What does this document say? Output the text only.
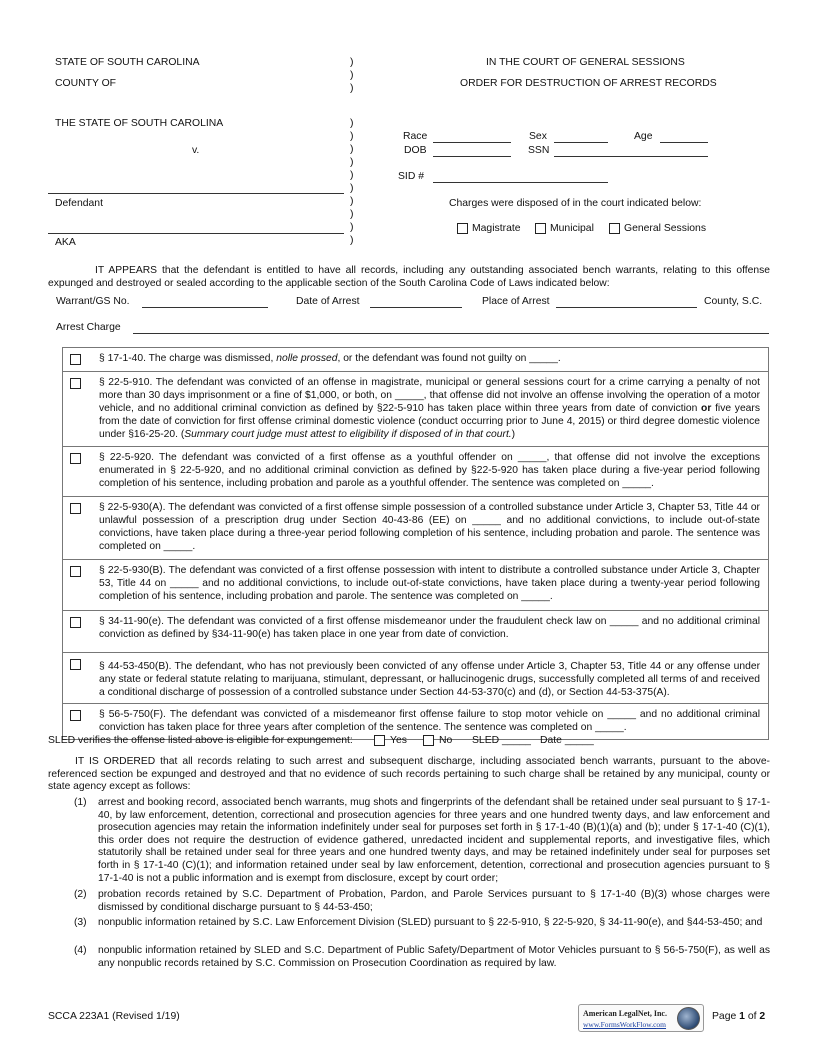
STATE OF SOUTH CAROLINA
COUNTY OF
IN THE COURT OF GENERAL SESSIONS
ORDER FOR DESTRUCTION OF ARREST RECORDS
)
)
)
)
)
)
)
)
)
)
)
)
)
THE STATE OF SOUTH CAROLINA
v.
Defendant
AKA
Race	Sex	Age
DOB	SSN
SID #
Charges were disposed of in the court indicated below:
Magistrate	Municipal	General Sessions
IT APPEARS that the defendant is entitled to have all records, including any outstanding associated bench warrants, relating to this offense expunged and destroyed or sealed according to the applicable section of the South Carolina Code of Laws indicated below:
Warrant/GS No.	Date of Arrest	Place of Arrest	County, S.C.
Arrest Charge
§ 17-1-40. The charge was dismissed, nolle prossed, or the defendant was found not guilty on _____.
§ 22-5-910. The defendant was convicted of an offense in magistrate, municipal or general sessions court for a crime carrying a penalty of not more than 30 days imprisonment or a fine of $1,000, or both, on _____, that offense did not involve an offense involving the operation of a motor vehicle, and no additional criminal conviction as defined by §22-5-910 has taken place within three years from date of conviction or five years from the date of conviction for first offense criminal domestic violence (conduct occurring prior to June 4, 2015) or third degree domestic violence under §16-25-20. (Summary court judge must attest to eligibility if disposed of in that court.)
§ 22-5-920. The defendant was convicted of a first offense as a youthful offender on _____, that offense did not involve the exceptions enumerated in § 22-5-920, and no additional criminal conviction as defined by §22-5-920 has taken place during a five-year period following completion of his sentence, including probation and parole as a youthful offender. The sentence was completed on _____.
§ 22-5-930(A). The defendant was convicted of a first offense simple possession of a controlled substance under Article 3, Chapter 53, Title 44 or unlawful possession of a prescription drug under Section 40-43-86 (EE) on _____ and no additional convictions, to include out-of-state convictions, have taken place during a three-year period following completion of his sentence, including probation and parole. The sentence was completed on _____.
§ 22-5-930(B). The defendant was convicted of a first offense possession with intent to distribute a controlled substance under Article 3, Chapter 53, Title 44 on _____ and no additional convictions, to include out-of-state convictions, have taken place during a twenty-year period following completion of his sentence, including probation and parole. The sentence was completed on _____.
§ 34-11-90(e). The defendant was convicted of a first offense misdemeanor under the fraudulent check law on _____ and no additional criminal conviction as defined by §34-11-90(e) has taken place in one year from date of conviction.
§ 44-53-450(B). The defendant, who has not previously been convicted of any offense under Article 3, Chapter 53, Title 44 or any offense under any state or federal statute relating to marijuana, stimulant, depressant, or hallucinogenic drugs, successfully completed all terms of and received a conditional discharge of possession of a controlled substance under Section 44-53-370(c) and (d), or Section 44-53-375(A).
§ 56-5-750(F). The defendant was convicted of a misdemeanor first offense failure to stop motor vehicle on _____ and no additional criminal conviction has taken place for three years after completion of the sentence. The sentence was completed on _____.
SLED verifies the offense listed above is eligible for expungement:	Yes	No SLED _____ Date _____
IT IS ORDERED that all records relating to such arrest and subsequent discharge, including associated bench warrants, pursuant to the above-referenced section be expunged and destroyed and that no evidence of such records pertaining to such charge shall be retained by any municipal, county or state agency except as follows:
(1) arrest and booking record, associated bench warrants, mug shots and fingerprints of the defendant shall be retained under seal pursuant to § 17-1-40, by law enforcement, detention, correctional and prosecution agencies for three years and one hundred twenty days, and law enforcement and prosecution agencies may retain the information indefinitely under seal for purposes set forth in § 17-1-40 (B)(1)(a) and (b); under § 17-1-40 (C)(1), this order does not require the destruction of evidence gathered, unredacted incident and supplemental reports, and investigative files, which statutorily shall be retained under seal for three years and one hundred twenty days, and may be retained indefinitely under seal for purposes set forth in § 17-1-40 (C)(1); and information retained under seal by law enforcement, detention, correctional and prosecution agencies pursuant to § 17-1-40 is not a public information and is exempt from disclosure, except by court order;
(2) probation records retained by S.C. Department of Probation, Pardon, and Parole Services pursuant to § 17-1-40 (B)(3) whose charges were dismissed by conditional discharge pursuant to § 44-53-450;
(3) nonpublic information retained by S.C. Law Enforcement Division (SLED) pursuant to § 22-5-910, § 22-5-920, § 34-11-90(e), and §44-53-450; and
(4) nonpublic information retained by SLED and S.C. Department of Public Safety/Department of Motor Vehicles pursuant to § 56-5-750(F), as well as any nonpublic records retained by S.C. Commission on Prosecution Coordination as required by law.
SCCA 223A1 (Revised 1/19)	American LegalNet, Inc.
www.FormsWorkFlow.com
Page 1 of 2
